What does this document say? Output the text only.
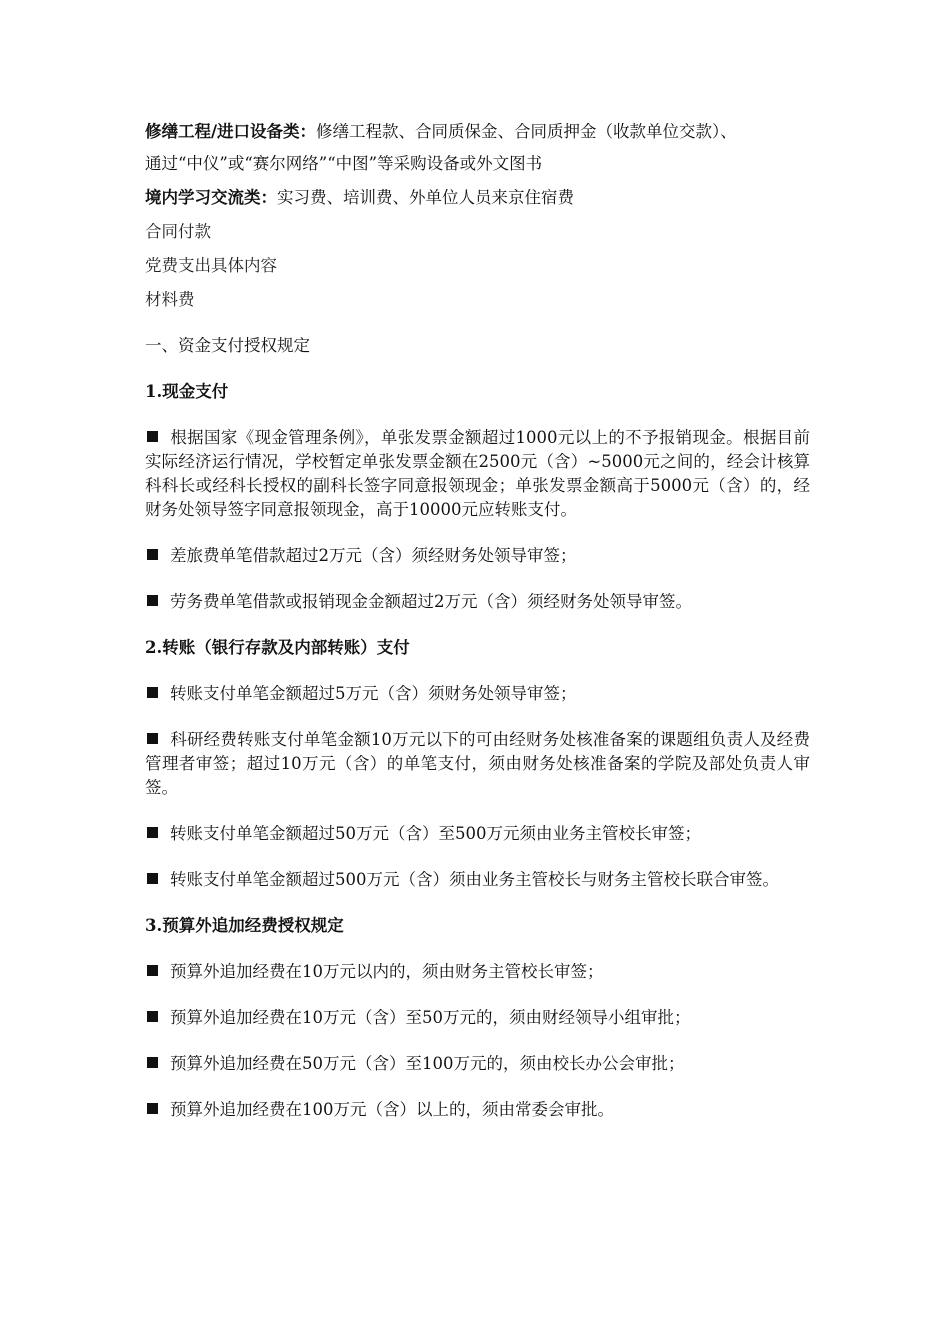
修缮工程/进口设备类：修缮工程款、合同质保金、合同质押金（收款单位交款）、
通过“中仪”或“赛尔网络”“中图”等采购设备或外文图书
境内学习交流类：实习费、培训费、外单位人员来京住宿费
合同付款
党费支出具体内容
材料费
一、资金支付授权规定
1.现金支付
根据国家《现金管理条例》，单张发票金额超过1000元以上的不予报销现金。根据目前实际经济运行情况，学校暂定单张发票金额在2500元（含）~5000元之间的，经会计核算科科长或经科长授权的副科长签字同意报领现金；单张发票金额高于5000元（含）的，经财务处领导签字同意报领现金，高于10000元应转账支付。
差旅费单笔借款超过2万元（含）须经财务处领导审签；
劳务费单笔借款或报销现金金额超过2万元（含）须经财务处领导审签。
2.转账（银行存款及内部转账）支付
转账支付单笔金额超过5万元（含）须财务处领导审签；
科研经费转账支付单笔金额10万元以下的可由经财务处核准备案的课题组负责人及经费管理者审签；超过10万元（含）的单笔支付，须由财务处核准备案的学院及部处负责人审签。
转账支付单笔金额超过50万元（含）至500万元须由业务主管校长审签；
转账支付单笔金额超过500万元（含）须由业务主管校长与财务主管校长联合审签。
3.预算外追加经费授权规定
预算外追加经费在10万元以内的，须由财务主管校长审签；
预算外追加经费在10万元（含）至50万元的，须由财经领导小组审批；
预算外追加经费在50万元（含）至100万元的，须由校长办公会审批；
预算外追加经费在100万元（含）以上的，须由常委会审批。
